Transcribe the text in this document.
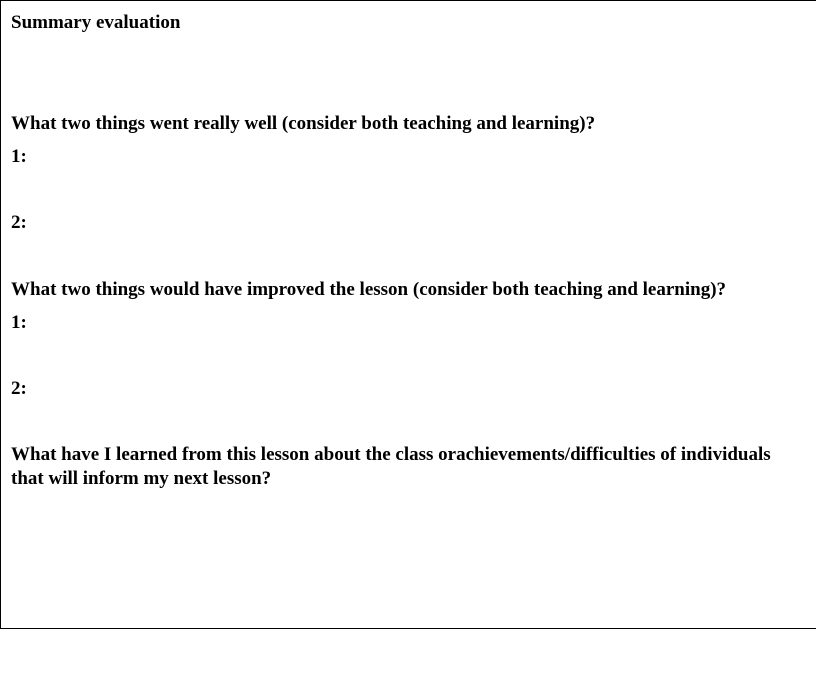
Summary evaluation

What two things went really well (consider both teaching and learning)?

1:

2:

What two things would have improved the lesson (consider both teaching and learning)?

1:

2:

What have I learned from this lesson about the class orachievements/difficulties of individuals

that will inform my next lesson?
